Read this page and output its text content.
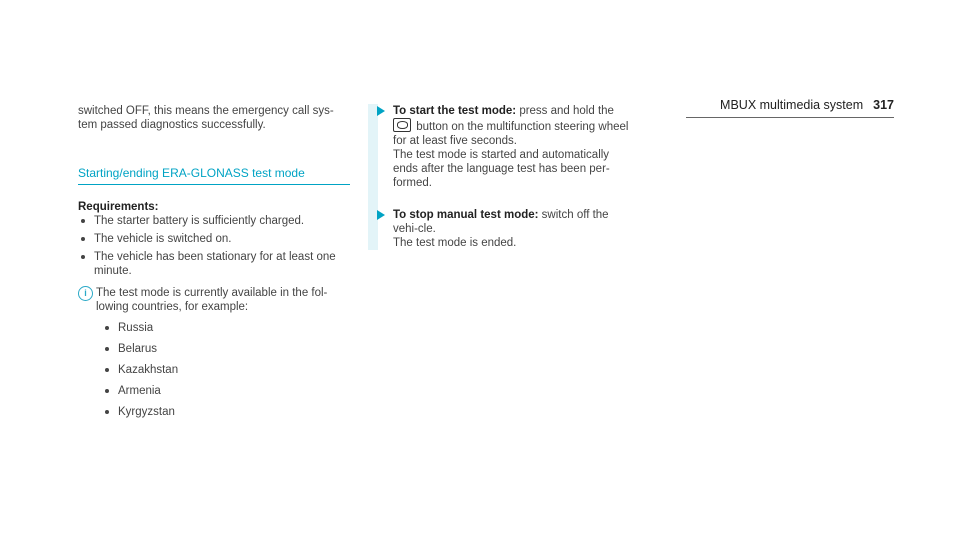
MBUX multimedia system 317

switched OFF, this means the emergency call sys-
tem passed diagnostics successfully.

Starting/ending ERA-GLONASS test mode
Requirements:
The starter battery is sufficiently charged.
The vehicle is switched on.
The vehicle has been stationary for at least one minute.
i The test mode is currently available in the fol-
lowing countries, for example:
Russia
Belarus
Kazakhstan
Armenia
Kyrgyzstan
To start the test mode: press and hold the
button on the multifunction steering wheel for at least five seconds.
The test mode is started and automatically ends after the language test has been per-formed.
To stop manual test mode: switch off the vehi-cle.
The test mode is ended.
